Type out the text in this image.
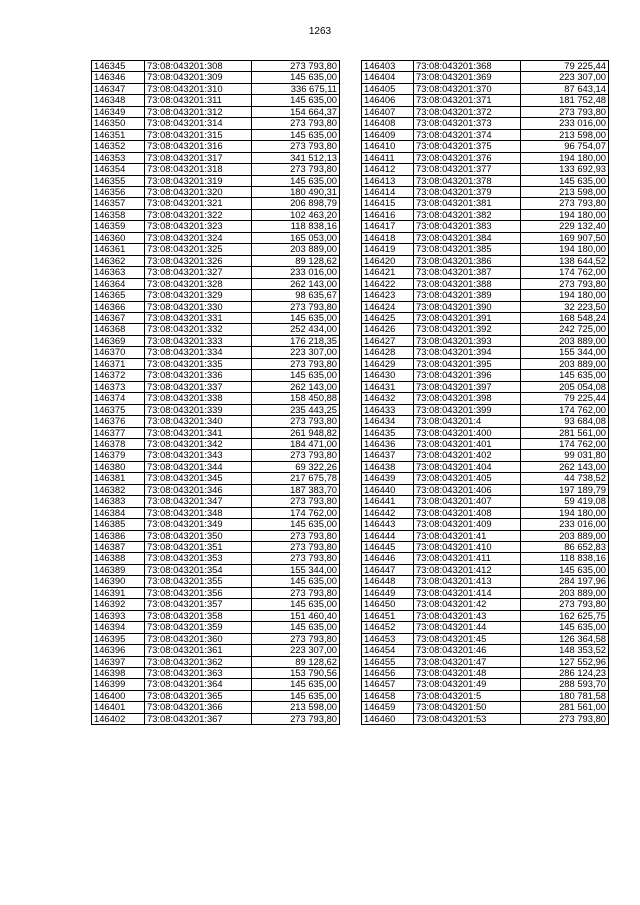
1263
146345	73:08:043201:308	273 793,80
146346	73:08:043201:309	145 635,00
146347	73:08:043201:310	336 675,11
146348	73:08:043201:311	145 635,00
146349	73:08:043201:312	154 664,37
146350	73:08:043201:314	273 793,80
146351	73:08:043201:315	145 635,00
146352	73:08:043201:316	273 793,80
146353	73:08:043201:317	341 512,13
146354	73:08:043201:318	273 793,80
146355	73:08:043201:319	145 635,00
146356	73:08:043201:320	180 490,31
146357	73:08:043201:321	206 898,79
146358	73:08:043201:322	102 463,20
146359	73:08:043201:323	118 838,16
146360	73:08:043201:324	165 053,00
146361	73:08:043201:325	203 889,00
146362	73:08:043201:326	89 128,62
146363	73:08:043201:327	233 016,00
146364	73:08:043201:328	262 143,00
146365	73:08:043201:329	98 635,67
146366	73:08:043201:330	273 793,80
146367	73:08:043201:331	145 635,00
146368	73:08:043201:332	252 434,00
146369	73:08:043201:333	176 218,35
146370	73:08:043201:334	223 307,00
146371	73:08:043201:335	273 793,80
146372	73:08:043201:336	145 635,00
146373	73:08:043201:337	262 143,00
146374	73:08:043201:338	158 450,88
146375	73:08:043201:339	235 443,25
146376	73:08:043201:340	273 793,80
146377	73:08:043201:341	261 948,82
146378	73:08:043201:342	184 471,00
146379	73:08:043201:343	273 793,80
146380	73:08:043201:344	69 322,26
146381	73:08:043201:345	217 675,78
146382	73:08:043201:346	187 383,70
146383	73:08:043201:347	273 793,80
146384	73:08:043201:348	174 762,00
146385	73:08:043201:349	145 635,00
146386	73:08:043201:350	273 793,80
146387	73:08:043201:351	273 793,80
146388	73:08:043201:353	273 793,80
146389	73:08:043201:354	155 344,00
146390	73:08:043201:355	145 635,00
146391	73:08:043201:356	273 793,80
146392	73:08:043201:357	145 635,00
146393	73:08:043201:358	151 460,40
146394	73:08:043201:359	145 635,00
146395	73:08:043201:360	273 793,80
146396	73:08:043201:361	223 307,00
146397	73:08:043201:362	89 128,62
146398	73:08:043201:363	153 790,56
146399	73:08:043201:364	145 635,00
146400	73:08:043201:365	145 635,00
146401	73:08:043201:366	213 598,00
146402	73:08:043201:367	273 793,80
146403	73:08:043201:368	79 225,44
146404	73:08:043201:369	223 307,00
146405	73:08:043201:370	87 643,14
146406	73:08:043201:371	181 752,48
146407	73:08:043201:372	273 793,80
146408	73:08:043201:373	233 016,00
146409	73:08:043201:374	213 598,00
146410	73:08:043201:375	96 754,07
146411	73:08:043201:376	194 180,00
146412	73:08:043201:377	133 692,93
146413	73:08:043201:378	145 635,00
146414	73:08:043201:379	213 598,00
146415	73:08:043201:381	273 793,80
146416	73:08:043201:382	194 180,00
146417	73:08:043201:383	229 132,40
146418	73:08:043201:384	169 907,50
146419	73:08:043201:385	194 180,00
146420	73:08:043201:386	138 644,52
146421	73:08:043201:387	174 762,00
146422	73:08:043201:388	273 793,80
146423	73:08:043201:389	194 180,00
146424	73:08:043201:390	32 223,50
146425	73:08:043201:391	168 548,24
146426	73:08:043201:392	242 725,00
146427	73:08:043201:393	203 889,00
146428	73:08:043201:394	155 344,00
146429	73:08:043201:395	203 889,00
146430	73:08:043201:396	145 635,00
146431	73:08:043201:397	205 054,08
146432	73:08:043201:398	79 225,44
146433	73:08:043201:399	174 762,00
146434	73:08:043201:4	93 684,08
146435	73:08:043201:400	281 561,00
146436	73:08:043201:401	174 762,00
146437	73:08:043201:402	99 031,80
146438	73:08:043201:404	262 143,00
146439	73:08:043201:405	44 738,52
146440	73:08:043201:406	197 189,79
146441	73:08:043201:407	59 419,08
146442	73:08:043201:408	194 180,00
146443	73:08:043201:409	233 016,00
146444	73:08:043201:41	203 889,00
146445	73:08:043201:410	86 652,83
146446	73:08:043201:411	118 838,16
146447	73:08:043201:412	145 635,00
146448	73:08:043201:413	284 197,96
146449	73:08:043201:414	203 889,00
146450	73:08:043201:42	273 793,80
146451	73:08:043201:43	162 625,75
146452	73:08:043201:44	145 635,00
146453	73:08:043201:45	126 364,58
146454	73:08:043201:46	148 353,52
146455	73:08:043201:47	127 552,96
146456	73:08:043201:48	286 124,23
146457	73:08:043201:49	288 593,70
146458	73:08:043201:5	180 781,58
146459	73:08:043201:50	281 561,00
146460	73:08:043201:53	273 793,80
